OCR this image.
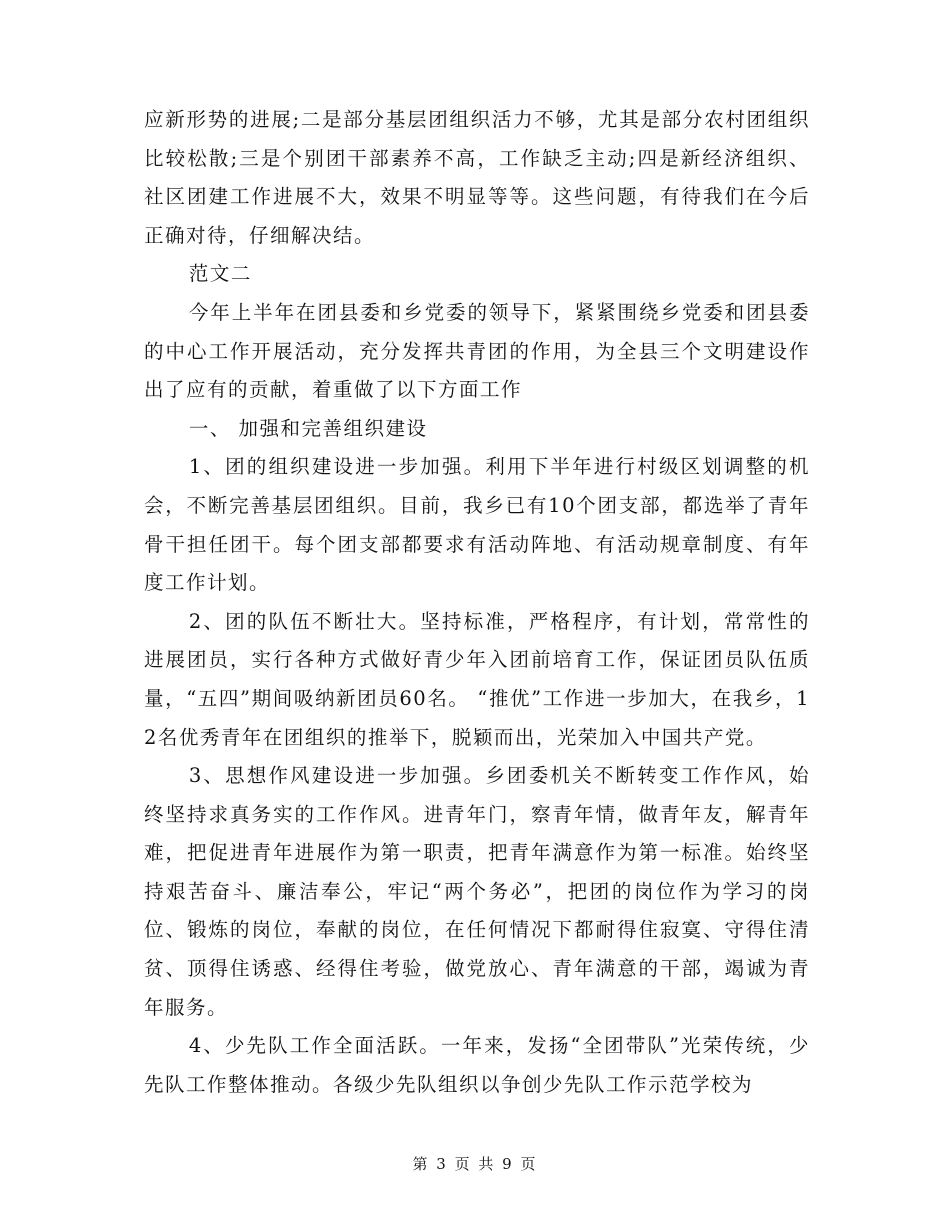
应新形势的进展;二是部分基层团组织活力不够，尤其是部分农村团组织比较松散;三是个别团干部素养不高，工作缺乏主动;四是新经济组织、社区团建工作进展不大，效果不明显等等。这些问题，有待我们在今后正确对待，仔细解决结。

范文二

今年上半年在团县委和乡党委的领导下，紧紧围绕乡党委和团县委的中心工作开展活动，充分发挥共青团的作用，为全县三个文明建设作出了应有的贡献，着重做了以下方面工作

一、 加强和完善组织建设

1、团的组织建设进一步加强。利用下半年进行村级区划调整的机会，不断完善基层团组织。目前，我乡已有10个团支部，都选举了青年骨干担任团干。每个团支部都要求有活动阵地、有活动规章制度、有年度工作计划。

2、团的队伍不断壮大。坚持标准，严格程序，有计划，常常性的进展团员，实行各种方式做好青少年入团前培育工作，保证团员队伍质量，“五四”期间吸纳新团员60名。 “推优”工作进一步加大，在我乡，12名优秀青年在团组织的推举下，脱颖而出，光荣加入中国共产党。

3、思想作风建设进一步加强。乡团委机关不断转变工作作风，始终坚持求真务实的工作作风。进青年门，察青年情，做青年友，解青年难，把促进青年进展作为第一职责，把青年满意作为第一标准。始终坚持艰苦奋斗、廉洁奉公，牢记“两个务必”，把团的岗位作为学习的岗位、锻炼的岗位，奉献的岗位，在任何情况下都耐得住寂寞、守得住清贫、顶得住诱惑、经得住考验，做党放心、青年满意的干部，竭诚为青年服务。

4、少先队工作全面活跃。一年来，发扬“全团带队”光荣传统，少先队工作整体推动。各级少先队组织以争创少先队工作示范学校为

第 3 页 共 9 页
